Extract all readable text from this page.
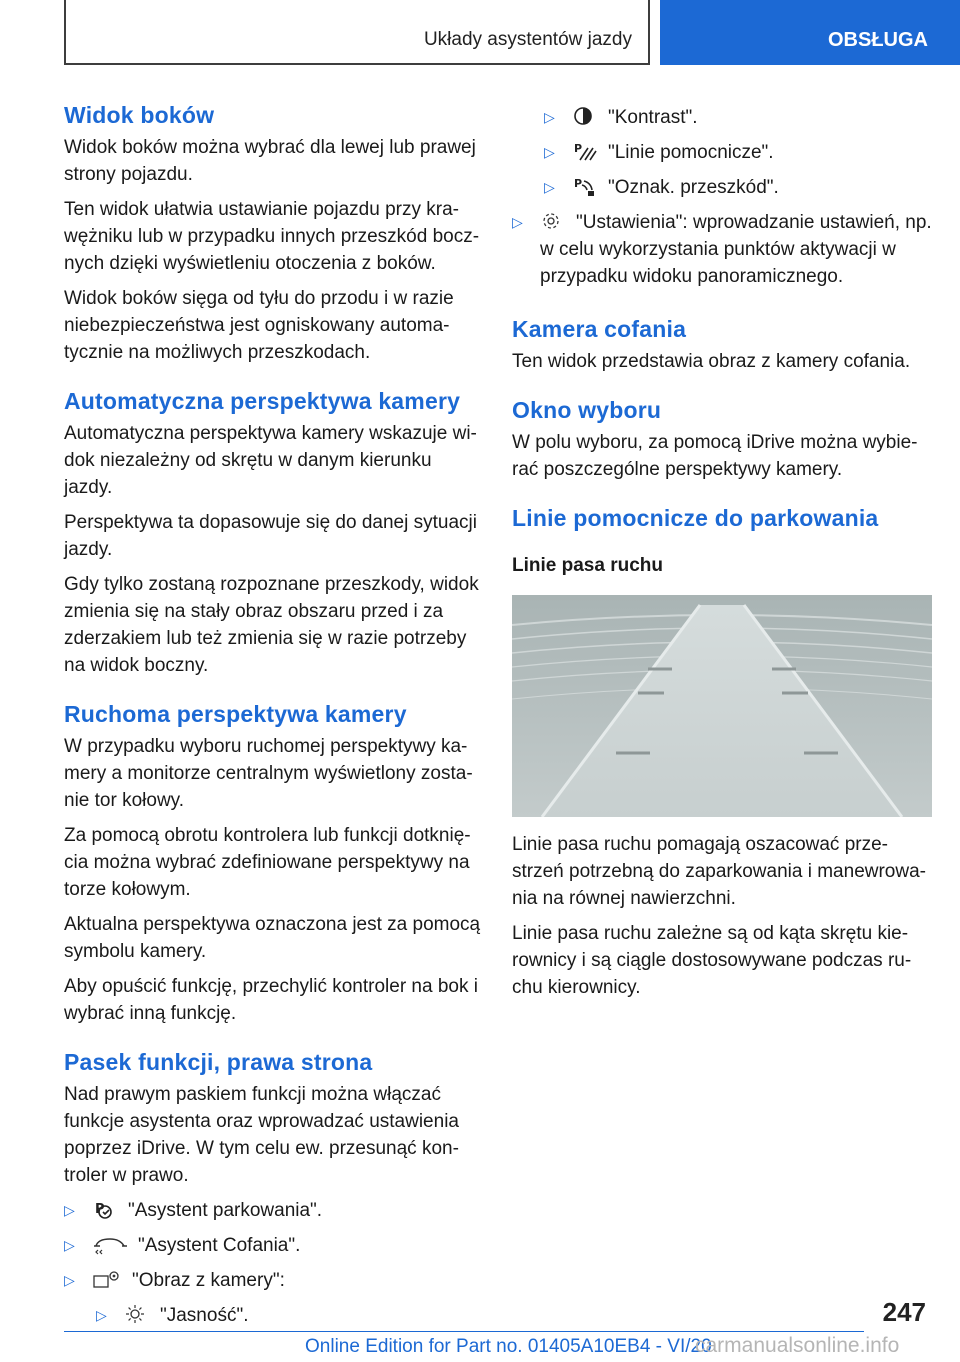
Układy asystentów jazdy	OBSŁUGA
Widok boków

Widok boków można wybrać dla lewej lub prawej strony pojazdu.

Ten widok ułatwia ustawianie pojazdu przy krawężniku lub w przypadku innych przeszkód bocznych dzięki wyświetleniu otoczenia z boków.

Widok boków sięga od tyłu do przodu i w razie niebezpieczeństwa jest ogniskowany automatycznie na możliwych przeszkodach.

Automatyczna perspektywa kamery

Automatyczna perspektywa kamery wskazuje widok niezależny od skrętu w danym kierunku jazdy.

Perspektywa ta dopasowuje się do danej sytuacji jazdy.

Gdy tylko zostaną rozpoznane przeszkody, widok zmienia się na stały obraz obszaru przed i za zderzakiem lub też zmienia się w razie potrzeby na widok boczny.

Ruchoma perspektywa kamery

W przypadku wyboru ruchomej perspektywy kamery a monitorze centralnym wyświetlony zostanie tor kołowy.

Za pomocą obrotu kontrolera lub funkcji dotknięcia można wybrać zdefiniowane perspektywy na torze kołowym.

Aktualna perspektywa oznaczona jest za pomocą symbolu kamery.

Aby opuścić funkcję, przechylić kontroler na bok i wybrać inną funkcję.

Pasek funkcji, prawa strona

Nad prawym paskiem funkcji można włączać funkcje asystenta oraz wprowadzać ustawienia poprzez iDrive. W tym celu ew. przesunąć kontroler w prawo.

▷	P "Asystent parkowania".
▷	"Asystent Cofania".
▷	"Obraz z kamery":
▷	"Jasność".
▷	"Kontrast".
▷	P "Linie pomocnicze".
▷	P "Oznak. przeszkód".
▷	"Ustawienia": wprowadzanie ustawień, np. w celu wykorzystania punktów aktywacji w przypadku widoku panoramicznego.
Kamera cofania

Ten widok przedstawia obraz z kamery cofania.

Okno wyboru

W polu wyboru, za pomocą iDrive można wybierać poszczególne perspektywy kamery.

Linie pomocnicze do parkowania
Linie pasa ruchu

Linie pasa ruchu pomagają oszacować przestrzeń potrzebną do zaparkowania i manewrowania na równej nawierzchni.

Linie pasa ruchu zależne są od kąta skrętu kierownicy i są ciągle dostosowywane podczas ruchu kierownicy.

247
Online Edition for Part no. 01405A10EB4 - VI/20
carmanualsonline.info
